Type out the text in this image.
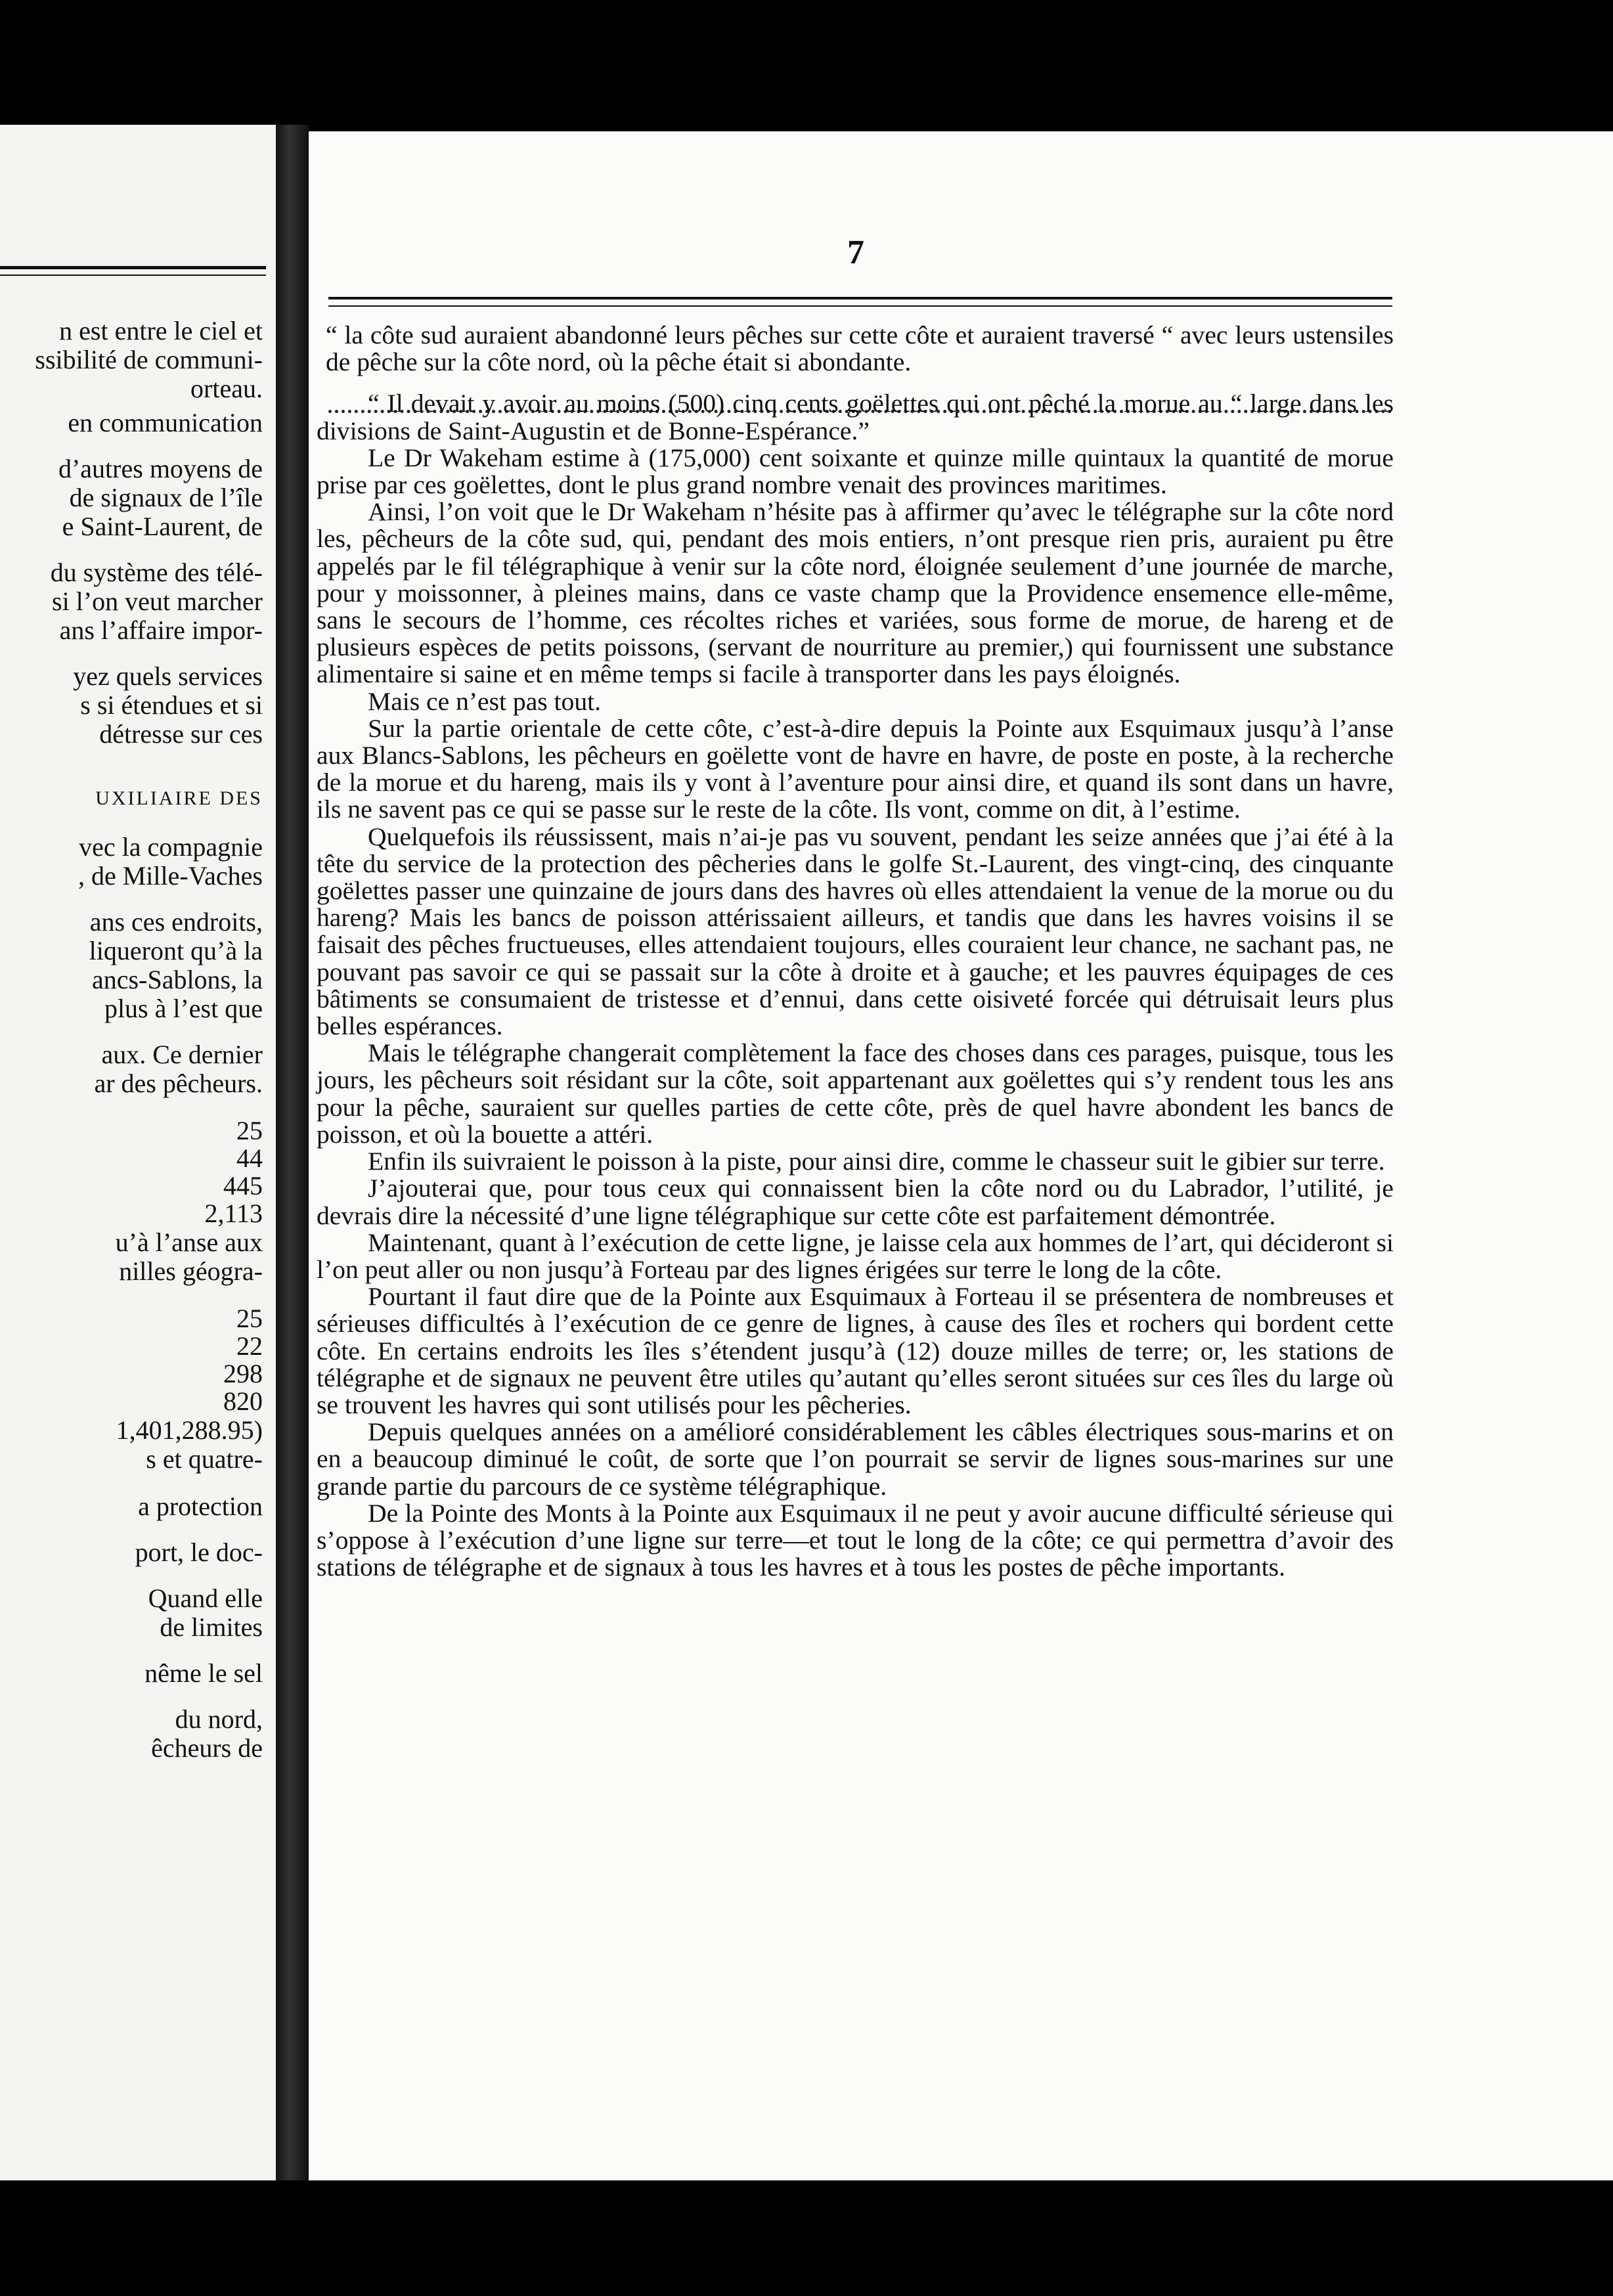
n est entre le ciel et
ssibilité de communi-
orteau.
en communication
d’autres moyens de
de signaux de l’île
e Saint-Laurent, de
du système des télé-
si l’on veut marcher
ans l’affaire impor-
yez quels services
s si étendues et si
détresse sur ces
UXILIAIRE DES
vec la compagnie
, de Mille-Vaches
ans ces endroits,
liqueront qu’à la
ancs-Sablons, la
plus à l’est que
aux. Ce dernier
ar des pêcheurs.
25
44
445
2,113
u’à l’anse aux
nilles géogra-
25
22
298
820
1,401,288.95)
s et quatre-
a protection
port, le doc-
Quand elle
de limites
nême le sel
du nord,
êcheurs de
7

“ la côte sud auraient abandonné leurs pêches sur cette côte et auraient traversé “ avec leurs ustensiles de pêche sur la côte nord, où la pêche était si abondante.

“ Il devait y avoir au moins (500) cinq cents goëlettes qui ont pêché la morue au “ large dans les divisions de Saint-Augustin et de Bonne-Espérance.”

Le Dr Wakeham estime à (175,000) cent soixante et quinze mille quintaux la quantité de morue prise par ces goëlettes, dont le plus grand nombre venait des provinces maritimes.

Ainsi, l’on voit que le Dr Wakeham n’hésite pas à affirmer qu’avec le télégraphe sur la côte nord les, pêcheurs de la côte sud, qui, pendant des mois entiers, n’ont presque rien pris, auraient pu être appelés par le fil télégraphique à venir sur la côte nord, éloignée seulement d’une journée de marche, pour y moissonner, à pleines mains, dans ce vaste champ que la Providence ensemence elle-même, sans le secours de l’homme, ces récoltes riches et variées, sous forme de morue, de hareng et de plusieurs espèces de petits poissons, (servant de nourriture au premier,) qui fournissent une substance alimentaire si saine et en même temps si facile à transporter dans les pays éloignés.

Mais ce n’est pas tout.

Sur la partie orientale de cette côte, c’est-à-dire depuis la Pointe aux Esquimaux jusqu’à l’anse aux Blancs-Sablons, les pêcheurs en goëlette vont de havre en havre, de poste en poste, à la recherche de la morue et du hareng, mais ils y vont à l’aventure pour ainsi dire, et quand ils sont dans un havre, ils ne savent pas ce qui se passe sur le reste de la côte. Ils vont, comme on dit, à l’estime.

Quelquefois ils réussissent, mais n’ai-je pas vu souvent, pendant les seize années que j’ai été à la tête du service de la protection des pêcheries dans le golfe St.-Laurent, des vingt-cinq, des cinquante goëlettes passer une quinzaine de jours dans des havres où elles attendaient la venue de la morue ou du hareng? Mais les bancs de poisson attérissaient ailleurs, et tandis que dans les havres voisins il se faisait des pêches fructueuses, elles attendaient toujours, elles couraient leur chance, ne sachant pas, ne pouvant pas savoir ce qui se passait sur la côte à droite et à gauche; et les pauvres équipages de ces bâtiments se consumaient de tristesse et d’ennui, dans cette oisiveté forcée qui détruisait leurs plus belles espérances.

Mais le télégraphe changerait complètement la face des choses dans ces parages, puisque, tous les jours, les pêcheurs soit résidant sur la côte, soit appartenant aux goëlettes qui s’y rendent tous les ans pour la pêche, sauraient sur quelles parties de cette côte, près de quel havre abondent les bancs de poisson, et où la bouette a attéri.

Enfin ils suivraient le poisson à la piste, pour ainsi dire, comme le chasseur suit le gibier sur terre.

J’ajouterai que, pour tous ceux qui connaissent bien la côte nord ou du Labrador, l’utilité, je devrais dire la nécessité d’une ligne télégraphique sur cette côte est parfaitement démontrée.

Maintenant, quant à l’exécution de cette ligne, je laisse cela aux hommes de l’art, qui décideront si l’on peut aller ou non jusqu’à Forteau par des lignes érigées sur terre le long de la côte.

Pourtant il faut dire que de la Pointe aux Esquimaux à Forteau il se présentera de nombreuses et sérieuses difficultés à l’exécution de ce genre de lignes, à cause des îles et rochers qui bordent cette côte. En certains endroits les îles s’étendent jusqu’à (12) douze milles de terre; or, les stations de télégraphe et de signaux ne peuvent être utiles qu’autant qu’elles seront situées sur ces îles du large où se trouvent les havres qui sont utilisés pour les pêcheries.

Depuis quelques années on a amélioré considérablement les câbles électriques sous-marins et on en a beaucoup diminué le coût, de sorte que l’on pourrait se servir de lignes sous-marines sur une grande partie du parcours de ce système télégraphique.

De la Pointe des Monts à la Pointe aux Esquimaux il ne peut y avoir aucune difficulté sérieuse qui s’oppose à l’exécution d’une ligne sur terre—et tout le long de la côte; ce qui permettra d’avoir des stations de télégraphe et de signaux à tous les havres et à tous les postes de pêche importants.
